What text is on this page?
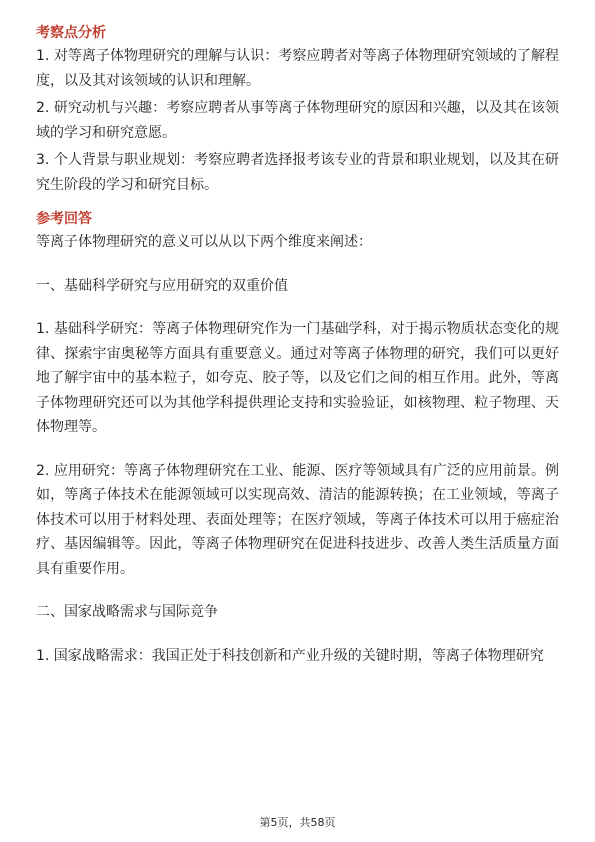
考察点分析

1. 对等离子体物理研究的理解与认识：考察应聘者对等离子体物理研究领域的了解程度，以及其对该领域的认识和理解。

2. 研究动机与兴趣：考察应聘者从事等离子体物理研究的原因和兴趣，以及其在该领域的学习和研究意愿。

3. 个人背景与职业规划：考察应聘者选择报考该专业的背景和职业规划，以及其在研究生阶段的学习和研究目标。

参考回答

等离子体物理研究的意义可以从以下两个维度来阐述：

一、基础科学研究与应用研究的双重价值

1. 基础科学研究：等离子体物理研究作为一门基础学科，对于揭示物质状态变化的规律、探索宇宙奥秘等方面具有重要意义。通过对等离子体物理的研究，我们可以更好地了解宇宙中的基本粒子，如夸克、胶子等，以及它们之间的相互作用。此外，等离子体物理研究还可以为其他学科提供理论支持和实验验证，如核物理、粒子物理、天体物理等。

2. 应用研究：等离子体物理研究在工业、能源、医疗等领域具有广泛的应用前景。例如，等离子体技术在能源领域可以实现高效、清洁的能源转换；在工业领域，等离子体技术可以用于材料处理、表面处理等；在医疗领域，等离子体技术可以用于癌症治疗、基因编辑等。因此，等离子体物理研究在促进科技进步、改善人类生活质量方面具有重要作用。

二、国家战略需求与国际竞争

1. 国家战略需求：我国正处于科技创新和产业升级的关键时期，等离子体物理研究

第5页，共58页
